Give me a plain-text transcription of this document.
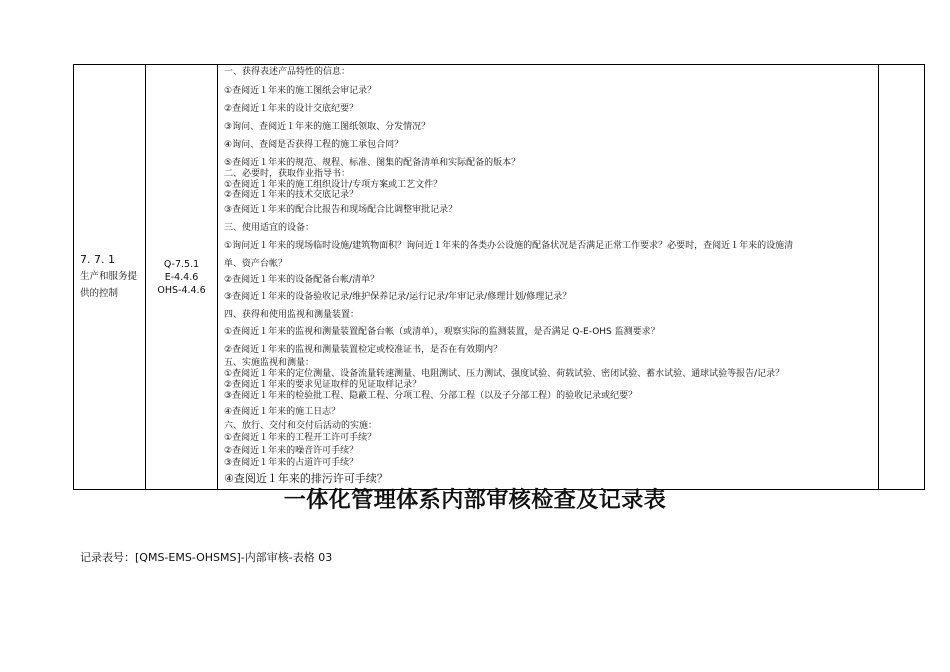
7. 7. 1
生产和服务提供的控制
Q-7.5.1
E-4.4.6
OHS-4.4.6
一、获得表述产品特性的信息：
①查阅近１年来的施工图纸会审记录？
②查阅近１年来的设计交底纪要？
③询问、查阅近１年来的施工图纸领取、分发情况？
④询问、查阅是否获得工程的施工承包合同？
⑤查阅近１年来的规范、规程、标准、图集的配备清单和实际配备的版本？
二、必要时，获取作业指导书：
①查阅近１年来的施工组织设计/专项方案或工艺文件？
②查阅近１年来的技术交底记录？
③查阅近１年来的配合比报告和现场配合比调整审批记录？
三、使用适宜的设备：
①询问近１年来的现场临时设施/建筑物面积？询问近１年来的各类办公设施的配备状况是否满足正常工作要求？必要时，查阅近１年来的设施清
单、资产台帐？
②查阅近１年来的设备配备台帐/清单？
③查阅近１年来的设备验收记录/维护保养记录/运行记录/年审记录/修理计划/修理记录？
四、获得和使用监视和测量装置：
①查阅近１年来的监视和测量装置配备台帐（或清单），观察实际的监测装置，是否满足 Q-E-OHS 监测要求？
②查阅近１年来的监视和测量装置检定或校准证书，是否在有效期内？
五、实施监视和测量：
①查阅近１年来的定位测量、设备流量转速测量、电阻测试、压力测试、强度试验、荷载试验、密闭试验、蓄水试验、通球试验等报告/记录？
②查阅近１年来的要求见证取样的见证取样记录？
③查阅近１年来的检验批工程、隐蔽工程、分项工程、分部工程（以及子分部工程）的验收记录或纪要？
④查阅近１年来的施工日志？
六、放行、交付和交付后活动的实施：
①查阅近１年来的工程开工许可手续？
②查阅近１年来的噪音许可手续？
③查阅近１年来的占道许可手续？
④查阅近１年来的排污许可手续？
一体化管理体系内部审核检查及记录表
记录表号：[QMS-EMS-OHSMS]-内部审核-表格 03
